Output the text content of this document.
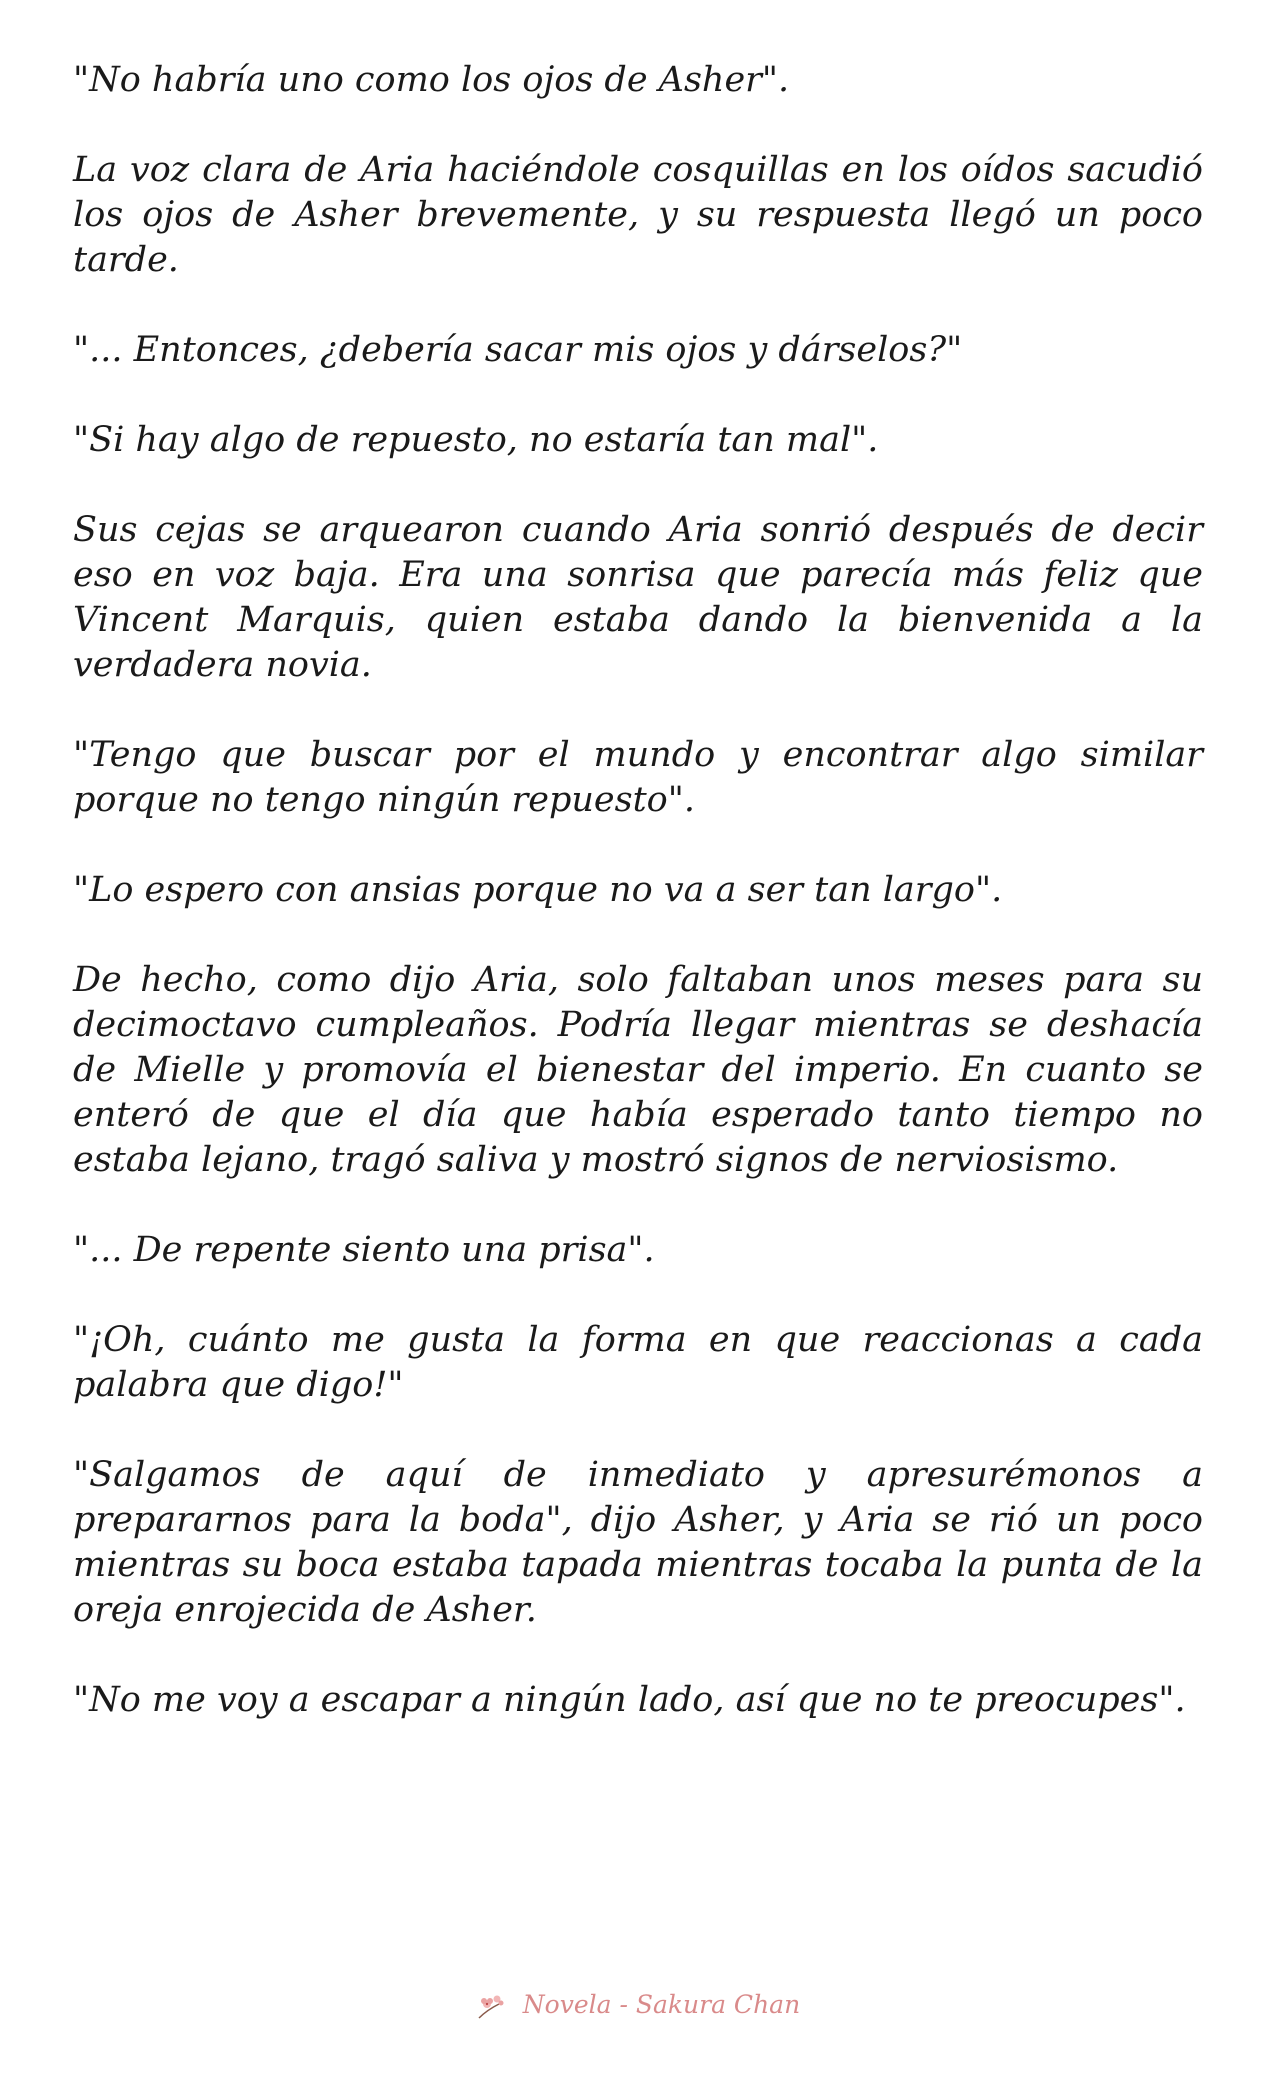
"No habría uno como los ojos de Asher".

La voz clara de Aria haciéndole cosquillas en los oídos sacudió los ojos de Asher brevemente, y su respuesta llegó un poco tarde.

"... Entonces, ¿debería sacar mis ojos y dárselos?"

"Si hay algo de repuesto, no estaría tan mal".

Sus cejas se arquearon cuando Aria sonrió después de decir eso en voz baja. Era una sonrisa que parecía más feliz que Vincent Marquis, quien estaba dando la bienvenida a la verdadera novia.

"Tengo que buscar por el mundo y encontrar algo similar porque no tengo ningún repuesto".

"Lo espero con ansias porque no va a ser tan largo".

De hecho, como dijo Aria, solo faltaban unos meses para su decimoctavo cumpleaños. Podría llegar mientras se deshacía de Mielle y promovía el bienestar del imperio. En cuanto se enteró de que el día que había esperado tanto tiempo no estaba lejano, tragó saliva y mostró signos de nerviosismo.

"... De repente siento una prisa".

"¡Oh, cuánto me gusta la forma en que reaccionas a cada palabra que digo!"

"Salgamos de aquí de inmediato y apresurémonos a prepararnos para la boda", dijo Asher, y Aria se rió un poco mientras su boca estaba tapada mientras tocaba la punta de la oreja enrojecida de Asher.

"No me voy a escapar a ningún lado, así que no te preocupes".

Novela - Sakura Chan
